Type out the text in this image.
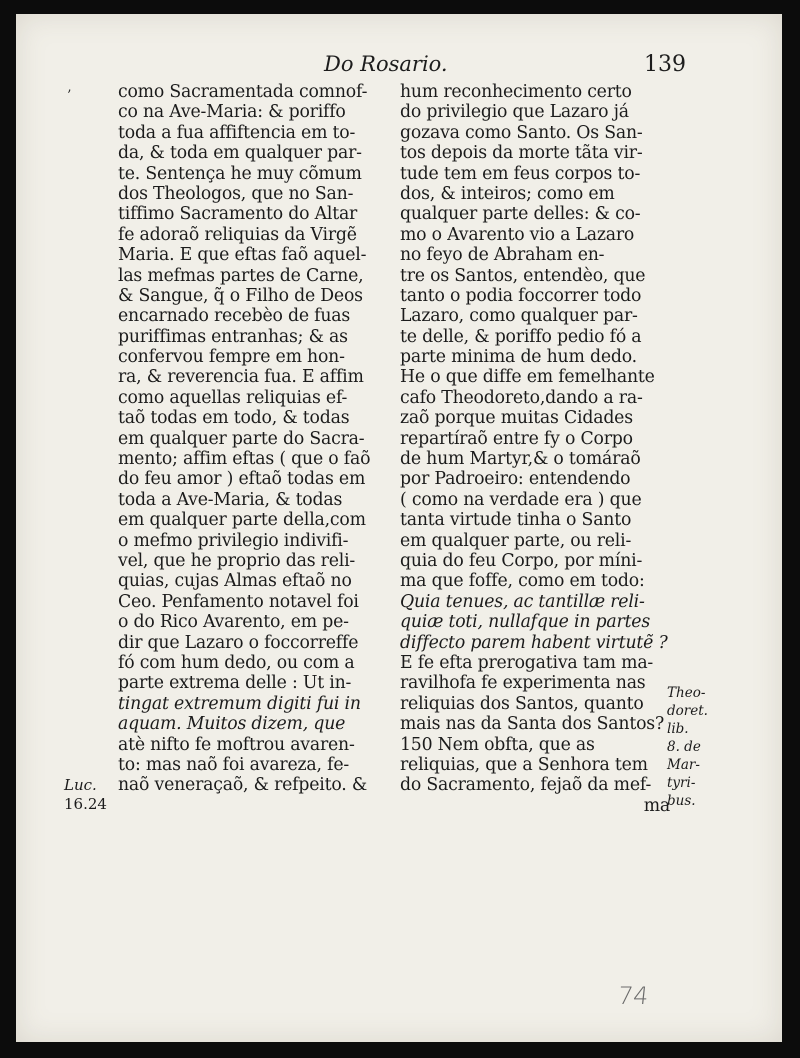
Do Rosario.	139
’	como Sacramentada comnof-
co na Ave-Maria: & poriffo
toda a fua affiftencia em to-
da, & toda em qualquer par-
te. Sentença he muy cõmum
dos Theologos, que no San-
tiffimo Sacramento do Altar
fe adoraõ reliquias da Virgẽ
Maria. E que eftas faõ aquel-
las mefmas partes de Carne,
& Sangue, q̃ o Filho de Deos
encarnado recebèo de fuas
puriffimas entranhas; & as
confervou fempre em hon-
ra, & reverencia fua. E affim
como aquellas reliquias ef-
taõ todas em todo, & todas
em qualquer parte do Sacra-
mento; affim eftas ( que o faõ
do feu amor ) eftaõ todas em
toda a Ave-Maria, & todas
em qualquer parte della,com
o mefmo privilegio indivifi-
vel, que he proprio das reli-
quias, cujas Almas eftaõ no
Ceo. Penfamento notavel foi
o do Rico Avarento, em pe-
dir que Lazaro o foccorreffe
fó com hum dedo, ou com a
parte extrema delle : Ut in-
tingat extremum digiti fui in
aquam. Muitos dizem, que
atè nifto fe moftrou avaren-
to: mas naõ foi avareza, fe-
naõ veneraçaõ, & refpeito. &
hum reconhecimento certo
do privilegio que Lazaro já
gozava como Santo. Os San-
tos depois da morte tãta vir-
tude tem em feus corpos to-
dos, & inteiros; como em
qualquer parte delles: & co-
mo o Avarento vio a Lazaro
no feyo de Abraham en-
tre os Santos, entendèo, que
tanto o podia foccorrer todo
Lazaro, como qualquer par-
te delle, & poriffo pedio fó a
parte minima de hum dedo.
He o que diffe em femelhante
cafo Theodoreto,dando a ra-
zaõ porque muitas Cidades
repartíraõ entre fy o Corpo
de hum Martyr,& o tomáraõ
por Padroeiro: entendendo
( como na verdade era ) que
tanta virtude tinha o Santo
em qualquer parte, ou reli-
quia do feu Corpo, por míni-
ma que foffe, como em todo:
Quia tenues, ac tantillæ reli-
quiæ toti, nullafque in partes
diffecto parem habent virtutẽ ?
E fe efta prerogativa tam ma-
ravilhofa fe experimenta nas
reliquias dos Santos, quanto
mais nas da Santa dos Santos?
150 Nem obfta, que as
reliquias, que a Senhora tem
do Sacramento, fejaõ da mef-
ma
Luc.
16.24
Theo-
doret.
lib.
8. de
Mar-
tyri-
bus.
74
